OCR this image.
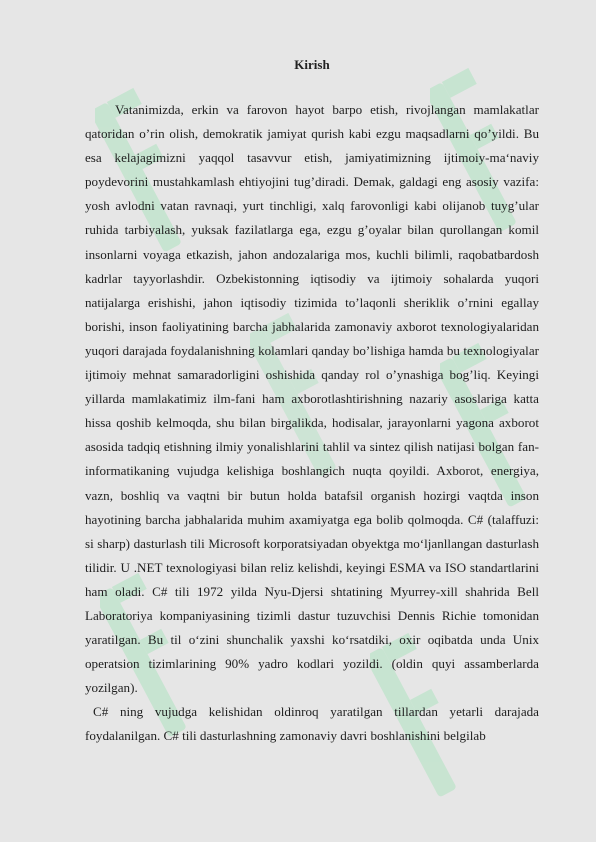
Kirish

Vatanimizda, erkin va farovon hayot barpo etish, rivojlangan mamlakatlar qatoridan o’rin olish, demokratik jamiyat qurish kabi ezgu maqsadlarni qo’yildi. Bu esa kelajagimizni yaqqol tasavvur etish, jamiyatimizning ijtimoiy-ma‘naviy poydevorini mustahkamlash ehtiyojini tug’diradi. Demak, galdagi eng asosiy vazifa: yosh avlodni vatan ravnaqi, yurt tinchligi, xalq farovonligi kabi olijanob tuyg’ular ruhida tarbiyalash, yuksak fazilatlarga ega, ezgu g’oyalar bilan qurollangan komil insonlarni voyaga etkazish, jahon andozalariga mos, kuchli bilimli, raqobatbardosh kadrlar tayyorlashdir. Ozbekistonning iqtisodiy va ijtimoiy sohalarda yuqori natijalarga erishishi, jahon iqtisodiy tizimida to’laqonli sheriklik o’rnini egallay borishi, inson faoliyatining barcha jabhalarida zamonaviy axborot texnologiyalaridan yuqori darajada foydalanishning kolamlari qanday bo’lishiga hamda bu texnologiyalar ijtimoiy mehnat samaradorligini oshishida qanday rol o’ynashiga bog’liq. Keyingi yillarda mamlakatimiz ilm-fani ham axborotlashtirishning nazariy asoslariga katta hissa qoshib kelmoqda, shu bilan birgalikda, hodisalar, jarayonlarni yagona axborot asosida tadqiq etishning ilmiy yonalishlarini tahlil va sintez qilish natijasi bolgan fan-informatikaning vujudga kelishiga boshlangich nuqta qoyildi. Axborot, energiya, vazn, boshliq va vaqtni bir butun holda batafsil organish hozirgi vaqtda inson hayotining barcha jabhalarida muhim axamiyatga ega bolib qolmoqda. C# (talaffuzi: si sharp) dasturlash tili Microsoft korporatsiyadan obyektga mo‘ljanllangan dasturlash tilidir. U .NET texnologiyasi bilan reliz kelishdi, keyingi ESMA va ISO standartlarini ham oladi. C# tili 1972 yilda Nyu-Djersi shtatining Myurrey-xill shahrida Bell Laboratoriya kompaniyasining tizimli dastur tuzuvchisi Dennis Richie tomonidan yaratilgan. Bu til o‘zini shunchalik yaxshi ko‘rsatdiki, oxir oqibatda unda Unix operatsion tizimlarining 90% yadro kodlari yozildi. (oldin quyi assamberlarda yozilgan).

C# ning vujudga kelishidan oldinroq yaratilgan tillardan yetarli darajada foydalanilgan. C# tili dasturlashning zamonaviy davri boshlanishini belgilab
